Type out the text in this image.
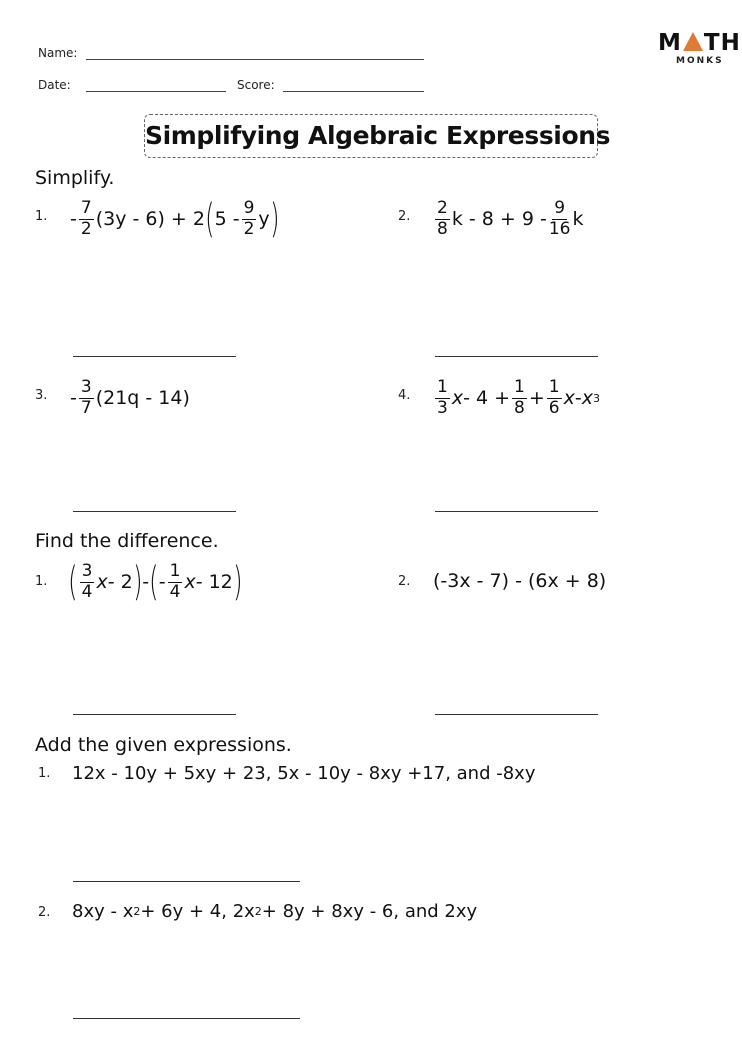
Name:
Date:	Score:
M TH
MONKS
Simplifying Algebraic Expressions
Simplify.
1. - $\frac{7}{2} (3y - 6) + 2$ ( $5 - \frac{9}{2}$ y )	2. $\frac{2}{8}$ $k - 8 + 9 - \frac{9}{16}$ k
3. - $\frac{3}{7} (21q - 14)$	4. $\frac{1}{3}$ $x - 4 + \frac{1}{8} + \frac{1}{6}$ x - x 3
Find the difference.
1. ( $\frac{3}{4}$ x - 2 ) - ( - $\frac{1}{4}$ x - 12 )	2. (-3x - 7) - (6x + 8)
Add the given expressions.
1. 12x - 10y + 5xy + 23, 5x - 10y - 8xy +17, and -8xy
2. 8xy - x 2 + 6y + 4, 2x 2 + 8y + 8xy - 6, and 2xy
